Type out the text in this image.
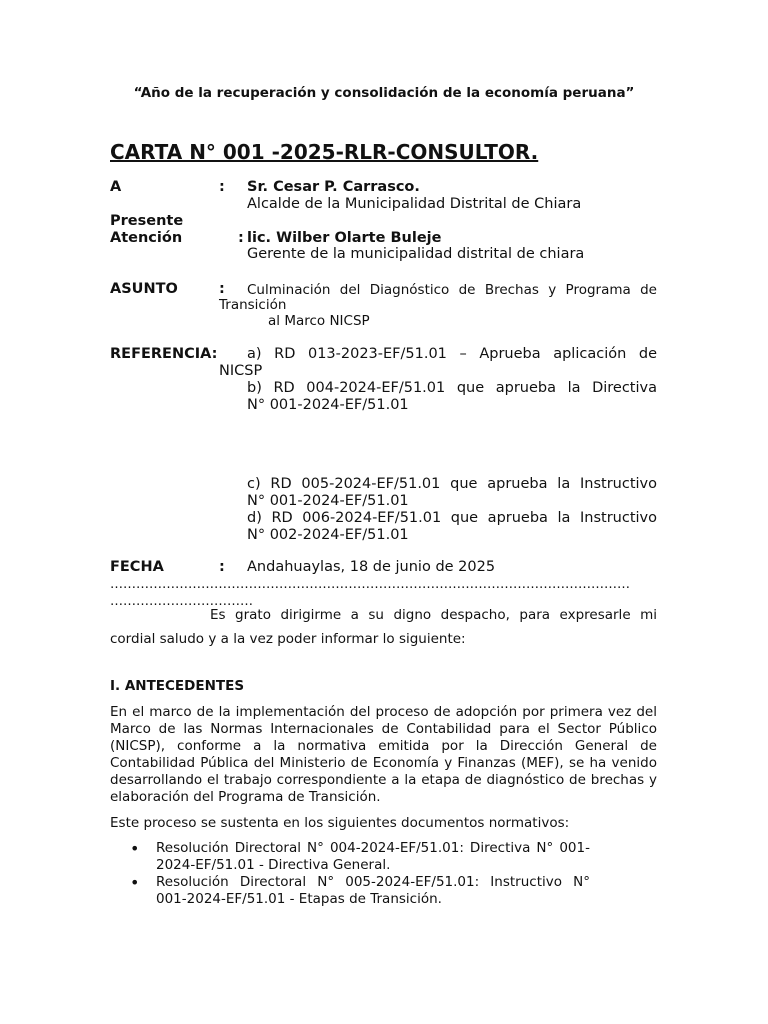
“Año de la recuperación y consolidación de la economía peruana”
CARTA N° 001 -2025-RLR-CONSULTOR.
A	: Sr. Cesar P. Carrasco.
Alcalde de la Municipalidad Distrital de Chiara
Presente
Atención	: lic. Wilber Olarte Buleje
Gerente de la municipalidad distrital de chiara
ASUNTO	: Culminación del Diagnóstico de Brechas y Programa de
Transición
al Marco NICSP
REFERENCIA: a) RD 013-2023-EF/51.01 – Aprueba aplicación de
NICSP
b) RD 004-2024-EF/51.01 que aprueba la Directiva
N° 001-2024-EF/51.01
c) RD 005-2024-EF/51.01 que aprueba la Instructivo
N° 001-2024-EF/51.01
d) RD 006-2024-EF/51.01 que aprueba la Instructivo
N° 002-2024-EF/51.01
FECHA	: Andahuaylas, 18 de junio de 2025
…………………………………………………………………………………………………………
……………………………
Es grato dirigirme a su digno despacho, para expresarle mi
cordial saludo y a la vez poder informar lo siguiente:
I. ANTECEDENTES
En el marco de la implementación del proceso de adopción por primera vez del Marco de las Normas Internacionales de Contabilidad para el Sector Público (NICSP), conforme a la normativa emitida por la Dirección General de Contabilidad Pública del Ministerio de Economía y Finanzas (MEF), se ha venido desarrollando el trabajo correspondiente a la etapa de diagnóstico de brechas y elaboración del Programa de Transición.
Este proceso se sustenta en los siguientes documentos normativos:
• Resolución Directoral N° 004-2024-EF/51.01: Directiva N° 001-2024-EF/51.01 - Directiva General.
• Resolución Directoral N° 005-2024-EF/51.01: Instructivo N° 001-2024-EF/51.01 - Etapas de Transición.
